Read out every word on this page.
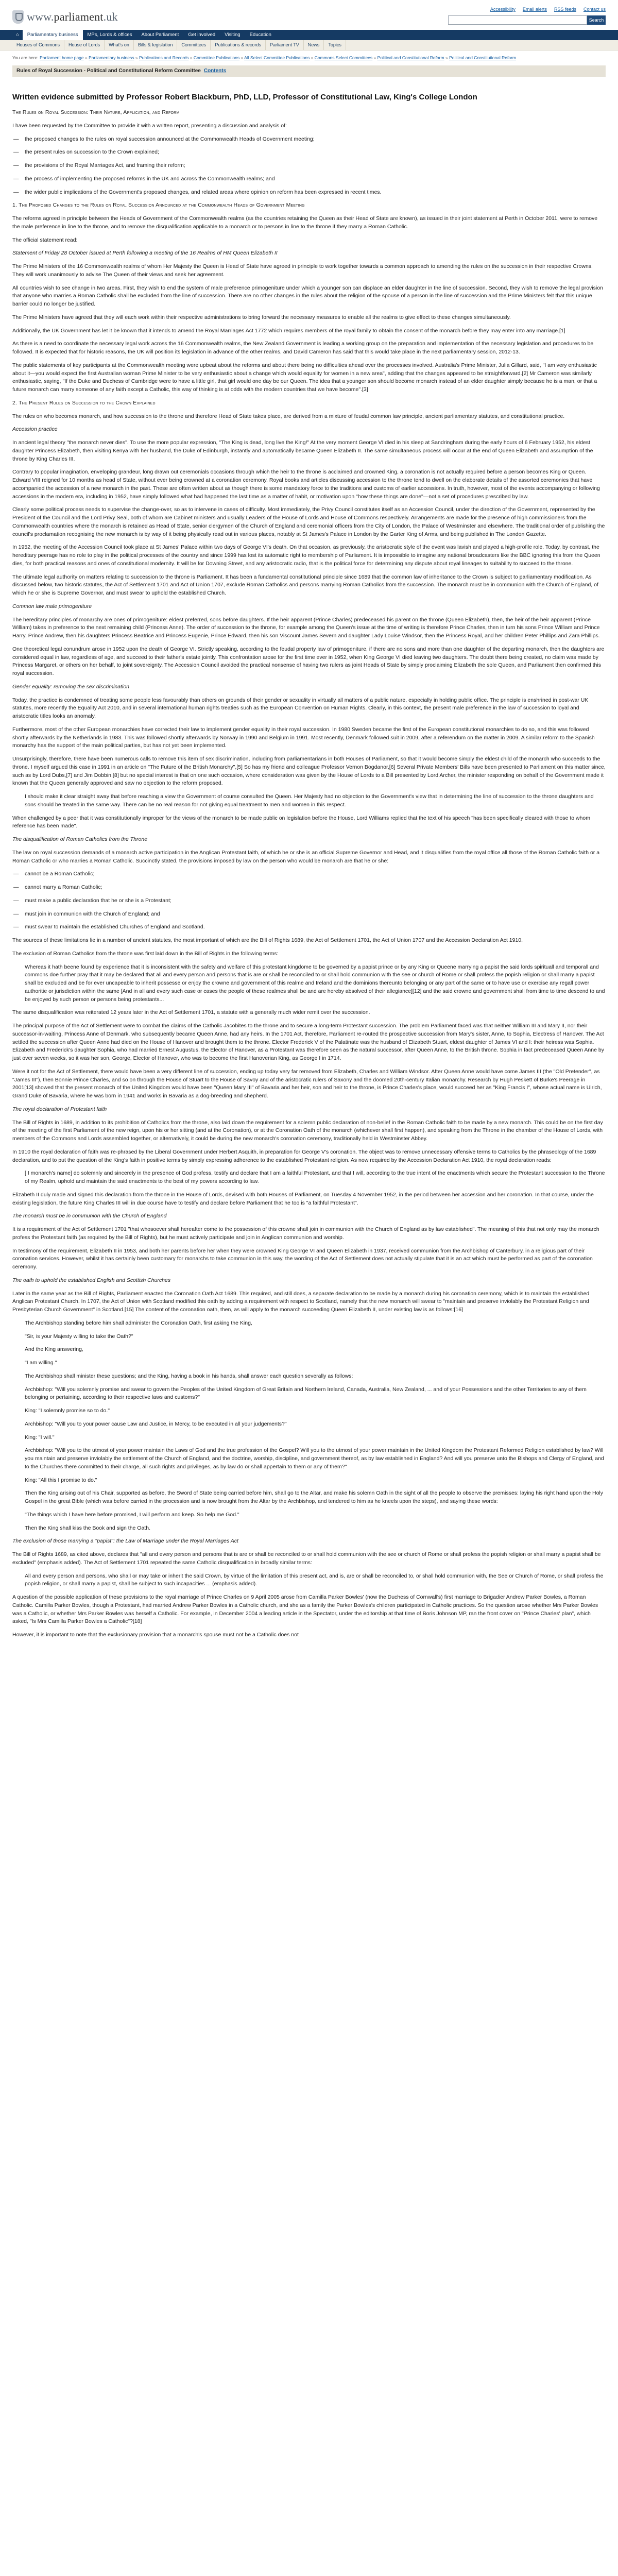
www.parliament.uk
Accessibility Email alerts RSS feeds Contact us
Search
⌂	Parliamentary business	MPs, Lords & offices	About Parliament	Get involved	Visiting	Education
Houses of Commons	House of Lords	What's on	Bills & legislation	Committees	Publications & records	Parliament TV	News	Topics
You are here: Parliament home page » Parliamentary business » Publications and Records » Committee Publications » All Select Committee Publications » Commons Select Committees » Political and Constitutional Reform » Political and Constitutional Reform
Rules of Royal Succession - Political and Constitutional Reform Committee Contents
Written evidence submitted by Professor Robert Blackburn, PhD, LLD, Professor of Constitutional Law, King's College London

The Rules on Royal Succession: Their Nature, Application, and Reform

I have been requested by the Committee to provide it with a written report, presenting a discussion and analysis of:

— the proposed changes to the rules on royal succession announced at the Commonwealth Heads of Government meeting;
— the present rules on succession to the Crown explained;
— the provisions of the Royal Marriages Act, and framing their reform;
— the process of implementing the proposed reforms in the UK and across the Commonwealth realms; and
— the wider public implications of the Government's proposed changes, and related areas where opinion on reform has been expressed in recent times.

1. The Proposed Changes to the Rules on Royal Succession Announced at the Commonwealth Heads of Government Meeting

The reforms agreed in principle between the Heads of Government of the Commonwealth realms (as the countries retaining the Queen as their Head of State are known), as issued in their joint statement at Perth in October 2011, were to remove the male preference in line to the throne, and to remove the disqualification applicable to a monarch or to persons in line to the throne if they marry a Roman Catholic.

The official statement read:

Statement of Friday 28 October issued at Perth following a meeting of the 16 Realms of HM Queen Elizabeth II

The Prime Ministers of the 16 Commonwealth realms of whom Her Majesty the Queen is Head of State have agreed in principle to work together towards a common approach to amending the rules on the succession in their respective Crowns. They will work unanimously to advise The Queen of their views and seek her agreement.

All countries wish to see change in two areas. First, they wish to end the system of male preference primogeniture under which a younger son can displace an elder daughter in the line of succession. Second, they wish to remove the legal provision that anyone who marries a Roman Catholic shall be excluded from the line of succession. There are no other changes in the rules about the religion of the spouse of a person in the line of succession and the Prime Ministers felt that this unique barrier could no longer be justified.

The Prime Ministers have agreed that they will each work within their respective administrations to bring forward the necessary measures to enable all the realms to give effect to these changes simultaneously.

Additionally, the UK Government has let it be known that it intends to amend the Royal Marriages Act 1772 which requires members of the royal family to obtain the consent of the monarch before they may enter into any marriage.[1]

As there is a need to coordinate the necessary legal work across the 16 Commonwealth realms, the New Zealand Government is leading a working group on the preparation and implementation of the necessary legislation and procedures to be followed. It is expected that for historic reasons, the UK will position its legislation in advance of the other realms, and David Cameron has said that this would take place in the next parliamentary session, 2012-13.

The public statements of key participants at the Commonwealth meeting were upbeat about the reforms and about there being no difficulties ahead over the processes involved. Australia's Prime Minister, Julia Gillard, said, "I am very enthusiastic about it—you would expect the first Australian woman Prime Minister to be very enthusiastic about a change which would equality for women in a new area", adding that the changes appeared to be straightforward.[2] Mr Cameron was similarly enthusiastic, saying, "If the Duke and Duchess of Cambridge were to have a little girl, that girl would one day be our Queen. The idea that a younger son should become monarch instead of an elder daughter simply because he is a man, or that a future monarch can marry someone of any faith except a Catholic, this way of thinking is at odds with the modern countries that we have become".[3]

2. The Present Rules on Succession to the Crown Explained

The rules on who becomes monarch, and how succession to the throne and therefore Head of State takes place, are derived from a mixture of feudal common law principle, ancient parliamentary statutes, and constitutional practice.

Accession practice

In ancient legal theory "the monarch never dies". To use the more popular expression, "The King is dead, long live the King!" At the very moment George VI died in his sleep at Sandringham during the early hours of 6 February 1952, his eldest daughter Princess Elizabeth, then visiting Kenya with her husband, the Duke of Edinburgh, instantly and automatically became Queen Elizabeth II. The same simultaneous process will occur at the end of Queen Elizabeth and assumption of the throne by King Charles III.

Contrary to popular imagination, enveloping grandeur, long drawn out ceremonials occasions through which the heir to the throne is acclaimed and crowned King, a coronation is not actually required before a person becomes King or Queen. Edward VIII reigned for 10 months as head of State, without ever being crowned at a coronation ceremony. Royal books and articles discussing accession to the throne tend to dwell on the elaborate details of the assorted ceremonies that have accompanied the accession of a new monarch in the past. These are often written about as though there is some mandatory force to the traditions and customs of earlier accessions. In truth, however, most of the events accompanying or following accessions in the modern era, including in 1952, have simply followed what had happened the last time as a matter of habit, or motivation upon "how these things are done"—not a set of procedures prescribed by law.

Clearly some political process needs to supervise the change-over, so as to intervene in cases of difficulty. Most immediately, the Privy Council constitutes itself as an Accession Council, under the direction of the Government, represented by the President of the Council and the Lord Privy Seal, both of whom are Cabinet ministers and usually Leaders of the House of Lords and House of Commons respectively. Arrangements are made for the presence of high commissioners from the Commonwealth countries where the monarch is retained as Head of State, senior clergymen of the Church of England and ceremonial officers from the City of London, the Palace of Westminster and elsewhere. The traditional order of publishing the council's proclamation recognising the new monarch is by way of it being physically read out in various places, notably at St James's Palace in London by the Garter King of Arms, and being published in The London Gazette.

In 1952, the meeting of the Accession Council took place at St James' Palace within two days of George VI's death. On that occasion, as previously, the aristocratic style of the event was lavish and played a high-profile role. Today, by contrast, the hereditary peerage has no role to play in the political processes of the country and since 1999 has lost its automatic right to membership of Parliament. It is impossible to imagine any national broadcasters like the BBC ignoring this from the Queen dies, for both practical reasons and ones of constitutional modernity. It will be for Downing Street, and any aristocratic radio, that is the political force for determining any dispute about royal lineages to suitability to succeed to the throne.

The ultimate legal authority on matters relating to succession to the throne is Parliament. It has been a fundamental constitutional principle since 1689 that the common law of inheritance to the Crown is subject to parliamentary modification. As discussed below, two historic statutes, the Act of Settlement 1701 and Act of Union 1707, exclude Roman Catholics and persons marrying Roman Catholics from the succession. The monarch must be in communion with the Church of England, of which he or she is Supreme Governor, and must swear to uphold the established Church.

Common law male primogeniture

The hereditary principles of monarchy are ones of primogeniture: eldest preferred, sons before daughters. If the heir apparent (Prince Charles) predeceased his parent on the throne (Queen Elizabeth), then, the heir of the heir apparent (Prince William) takes in preference to the next remaining child (Princess Anne). The order of succession to the throne, for example among the Queen's issue at the time of writing is therefore Prince Charles, then in turn his sons Prince William and Prince Harry, Prince Andrew, then his daughters Princess Beatrice and Princess Eugenie, Prince Edward, then his son Viscount James Severn and daughter Lady Louise Windsor, then the Princess Royal, and her children Peter Phillips and Zara Phillips.

One theoretical legal conundrum arose in 1952 upon the death of George VI. Strictly speaking, according to the feudal property law of primogeniture, if there are no sons and more than one daughter of the departing monarch, then the daughters are considered equal in law, regardless of age, and succeed to their father's estate jointly. This confrontation arose for the first time ever in 1952, when King George VI died leaving two daughters. The doubt there being created, no claim was made by Princess Margaret, or others on her behalf, to joint sovereignty. The Accession Council avoided the practical nonsense of having two rulers as joint Heads of State by simply proclaiming Elizabeth the sole Queen, and Parliament then confirmed this royal succession.

Gender equality: removing the sex discrimination

Today, the practice is condemned of treating some people less favourably than others on grounds of their gender or sexuality in virtually all matters of a public nature, especially in holding public office. The principle is enshrined in post-war UK statutes, more recently the Equality Act 2010, and in several international human rights treaties such as the European Convention on Human Rights. Clearly, in this context, the present male preference in the law of succession to loyal and aristocratic titles looks an anomaly.

Furthermore, most of the other European monarchies have corrected their law to implement gender equality in their royal succession. In 1980 Sweden became the first of the European constitutional monarchies to do so, and this was followed shortly afterwards by the Netherlands in 1983. This was followed shortly afterwards by Norway in 1990 and Belgium in 1991. Most recently, Denmark followed suit in 2009, after a referendum on the matter in 2009. A similar reform to the Spanish monarchy has the support of the main political parties, but has not yet been implemented.

Unsurprisingly, therefore, there have been numerous calls to remove this item of sex discrimination, including from parliamentarians in both Houses of Parliament, so that it would become simply the eldest child of the monarch who succeeds to the throne. I myself argued this case in 1991 in an article on "The Future of the British Monarchy",[5] So has my friend and colleague Professor Vernon Bogdanor,[6] Several Private Members' Bills have been presented to Parliament on this matter since, such as by Lord Dubs,[7] and Jim Dobbin,[8] but no special interest is that on one such occasion, where consideration was given by the House of Lords to a Bill presented by Lord Archer, the minister responding on behalf of the Government made it known that the Queen generally approved and saw no objection to the reform proposed.

I should make it clear straight away that before reaching a view the Government of course consulted the Queen. Her Majesty had no objection to the Government's view that in determining the line of succession to the throne daughters and sons should be treated in the same way. There can be no real reason for not giving equal treatment to men and women in this respect.

When challenged by a peer that it was constitutionally improper for the views of the monarch to be made public on legislation before the House, Lord Williams replied that the text of his speech "has been specifically cleared with those to whom reference has been made".

The disqualification of Roman Catholics from the Throne

The law on royal succession demands of a monarch active participation in the Anglican Protestant faith, of which he or she is an official Supreme Governor and Head, and it disqualifies from the royal office all those of the Roman Catholic faith or a Roman Catholic or who marries a Roman Catholic. Succinctly stated, the provisions imposed by law on the person who would be monarch are that he or she:

— cannot be a Roman Catholic;
— cannot marry a Roman Catholic;
— must make a public declaration that he or she is a Protestant;
— must join in communion with the Church of England; and
— must swear to maintain the established Churches of England and Scotland.

The sources of these limitations lie in a number of ancient statutes, the most important of which are the Bill of Rights 1689, the Act of Settlement 1701, the Act of Union 1707 and the Accession Declaration Act 1910.

The exclusion of Roman Catholics from the throne was first laid down in the Bill of Rights in the following terms:

Whereas it hath beene found by experience that it is inconsistent with the safety and welfare of this protestant kingdome to be governed by a papist prince or by any King or Queene marrying a papist the said lords spirituall and temporall and commons doe further pray that it may be declared that all and every person and persons that is are or shall be reconciled to or shall hold communion with the see or church of Rome or shall profess the popish religion or shall marry a papist shall be excluded and be for ever uncapeable to inherit possesse or enjoy the crowne and government of this realme and Ireland and the dominions thereunto belonging or any part of the same or to have use or exercise any regall power authoritie or jurisdiction within the same [And in all and every such case or cases the people of these realmes shall be and are hereby absolved of their allegiance][12] and the said crowne and government shall from time to time descend to and be enjoyed by such person or persons being protestants...

The same disqualification was reiterated 12 years later in the Act of Settlement 1701, a statute with a generally much wider remit over the succession.

The principal purpose of the Act of Settlement were to combat the claims of the Catholic Jacobites to the throne and to secure a long-term Protestant succession. The problem Parliament faced was that neither William III and Mary II, nor their successor-in-waiting, Princess Anne of Denmark, who subsequently became Queen Anne, had any heirs. In the 1701 Act, therefore, Parliament re-routed the prospective succession from Mary's sister, Anne, to Sophia, Electress of Hanover. The Act settled the succession after Queen Anne had died on the House of Hanover and brought them to the throne. Elector Frederick V of the Palatinate was the husband of Elizabeth Stuart, eldest daughter of James VI and I: their heiress was Sophia. Elizabeth and Frederick's daughter Sophia, who had married Ernest Augustus, the Elector of Hanover, as a Protestant was therefore seen as the natural successor, after Queen Anne, to the British throne. Sophia in fact predeceased Queen Anne by just over seven weeks, so it was her son, George, Elector of Hanover, who was to become the first Hanoverian King, as George I in 1714.

Were it not for the Act of Settlement, there would have been a very different line of succession, ending up today very far removed from Elizabeth, Charles and William Windsor. After Queen Anne would have come James III (the "Old Pretender", as "James III"), then Bonnie Prince Charles, and so on through the House of Stuart to the House of Savoy and of the aristocratic rulers of Saxony and the doomed 20th-century Italian monarchy. Research by Hugh Peskett of Burke's Peerage in 2001[13] showed that the present monarch of the United Kingdom would have been "Queen Mary III" of Bavaria and her heir, son and heir to the throne, is Prince Charles's place, would succeed her as "King Francis I", whose actual name is Ulrich, Grand Duke of Bavaria, where he was born in 1941 and works in Bavaria as a dog-breeding and shepherd.

The royal declaration of Protestant faith

The Bill of Rights in 1689, in addition to its prohibition of Catholics from the throne, also laid down the requirement for a solemn public declaration of non-belief in the Roman Catholic faith to be made by a new monarch. This could be on the first day of the meeting of the first Parliament of the new reign, upon his or her sitting (and at the Coronation), or at the Coronation Oath of the monarch (whichever shall first happen), and speaking from the Throne in the chamber of the House of Lords, with members of the Commons and Lords assembled together, or alternatively, it could be during the new monarch's coronation ceremony, traditionally held in Westminster Abbey.

In 1910 the royal declaration of faith was re-phrased by the Liberal Government under Herbert Asquith, in preparation for George V's coronation. The object was to remove unnecessary offensive terms to Catholics by the phraseology of the 1689 declaration, and to put the question of the King's faith in positive terms by simply expressing adherence to the established Protestant religion. As now required by the Accession Declaration Act 1910, the royal declaration reads:

[ I monarch's name] do solemnly and sincerely in the presence of God profess, testify and declare that I am a faithful Protestant, and that I will, according to the true intent of the enactments which secure the Protestant succession to the Throne of my Realm, uphold and maintain the said enactments to the best of my powers according to law.

Elizabeth II duly made and signed this declaration from the throne in the House of Lords, devised with both Houses of Parliament, on Tuesday 4 November 1952, in the period between her accession and her coronation. In that course, under the existing legislation, the future King Charles III will in due course have to testify and declare before Parliament that he too is "a faithful Protestant".

The monarch must be in communion with the Church of England

It is a requirement of the Act of Settlement 1701 "that whosoever shall hereafter come to the possession of this crowne shall join in communion with the Church of England as by law established". The meaning of this that not only may the monarch profess the Protestant faith (as required by the Bill of Rights), but he must actively participate and join in Anglican communion and worship.

In testimony of the requirement, Elizabeth II in 1953, and both her parents before her when they were crowned King George VI and Queen Elizabeth in 1937, received communion from the Archbishop of Canterbury, in a religious part of their coronation services. However, whilst it has certainly been customary for monarchs to take communion in this way, the wording of the Act of Settlement does not actually stipulate that it is an act which must be performed as part of the coronation ceremony.

The oath to uphold the established English and Scottish Churches

Later in the same year as the Bill of Rights, Parliament enacted the Coronation Oath Act 1689. This required, and still does, a separate declaration to be made by a monarch during his coronation ceremony, which is to maintain the established Anglican Protestant Church. In 1707, the Act of Union with Scotland modified this oath by adding a requirement with respect to Scotland, namely that the new monarch will swear to "maintain and preserve inviolably the Protestant Religion and Presbyterian Church Government" in Scotland.[15] The content of the coronation oath, then, as will apply to the monarch succeeding Queen Elizabeth II, under existing law is as follows:[16]

The Archbishop standing before him shall administer the Coronation Oath, first asking the King,

"Sir, is your Majesty willing to take the Oath?"

And the King answering,

"I am willing."

The Archbishop shall minister these questions; and the King, having a book in his hands, shall answer each question severally as follows:

Archbishop: "Will you solemnly promise and swear to govern the Peoples of the United Kingdom of Great Britain and Northern Ireland, Canada, Australia, New Zealand, ... and of your Possessions and the other Territories to any of them belonging or pertaining, according to their respective laws and customs?"

King: "I solemnly promise so to do."

Archbishop: "Will you to your power cause Law and Justice, in Mercy, to be executed in all your judgements?"

King: "I will."

Archbishop: "Will you to the utmost of your power maintain the Laws of God and the true profession of the Gospel? Will you to the utmost of your power maintain in the United Kingdom the Protestant Reformed Religion established by law? Will you maintain and preserve inviolably the settlement of the Church of England, and the doctrine, worship, discipline, and government thereof, as by law established in England? And will you preserve unto the Bishops and Clergy of England, and to the Churches there committed to their charge, all such rights and privileges, as by law do or shall appertain to them or any of them?"

King: "All this I promise to do."

Then the King arising out of his Chair, supported as before, the Sword of State being carried before him, shall go to the Altar, and make his solemn Oath in the sight of all the people to observe the premisses: laying his right hand upon the Holy Gospel in the great Bible (which was before carried in the procession and is now brought from the Altar by the Archbishop, and tendered to him as he kneels upon the steps), and saying these words:

"The things which I have here before promised, I will perform and keep. So help me God."

Then the King shall kiss the Book and sign the Oath.

The exclusion of those marrying a "papist": the Law of Marriage under the Royal Marriages Act

The Bill of Rights 1689, as cited above, declares that "all and every person and persons that is are or shall be reconciled to or shall hold communion with the see or church of Rome or shall profess the popish religion or shall marry a papist shall be excluded" (emphasis added). The Act of Settlement 1701 repeated the same Catholic disqualification in broadly similar terms:

All and every person and persons, who shall or may take or inherit the said Crown, by virtue of the limitation of this present act, and is, are or shall be reconciled to, or shall hold communion with, the See or Church of Rome, or shall profess the popish religion, or shall marry a papist, shall be subject to such incapacities ... (emphasis added).

A question of the possible application of these provisions to the royal marriage of Prince Charles on 9 April 2005 arose from Camilla Parker Bowles' (now the Duchess of Cornwall's) first marriage to Brigadier Andrew Parker Bowles, a Roman Catholic. Camilla Parker Bowles, though a Protestant, had married Andrew Parker Bowles in a Catholic church, and she as a family the Parker Bowles's children participated in Catholic practices. So the question arose whether Mrs Parker Bowles was a Catholic, or whether Mrs Parker Bowles was herself a Catholic. For example, in December 2004 a leading article in the Spectator, under the editorship at that time of Boris Johnson MP, ran the front cover on "Prince Charles' plan", which asked, "Is Mrs Camilla Parker Bowles a Catholic"?[18]

However, it is important to note that the exclusionary provision that a monarch's spouse must not be a Catholic does not
